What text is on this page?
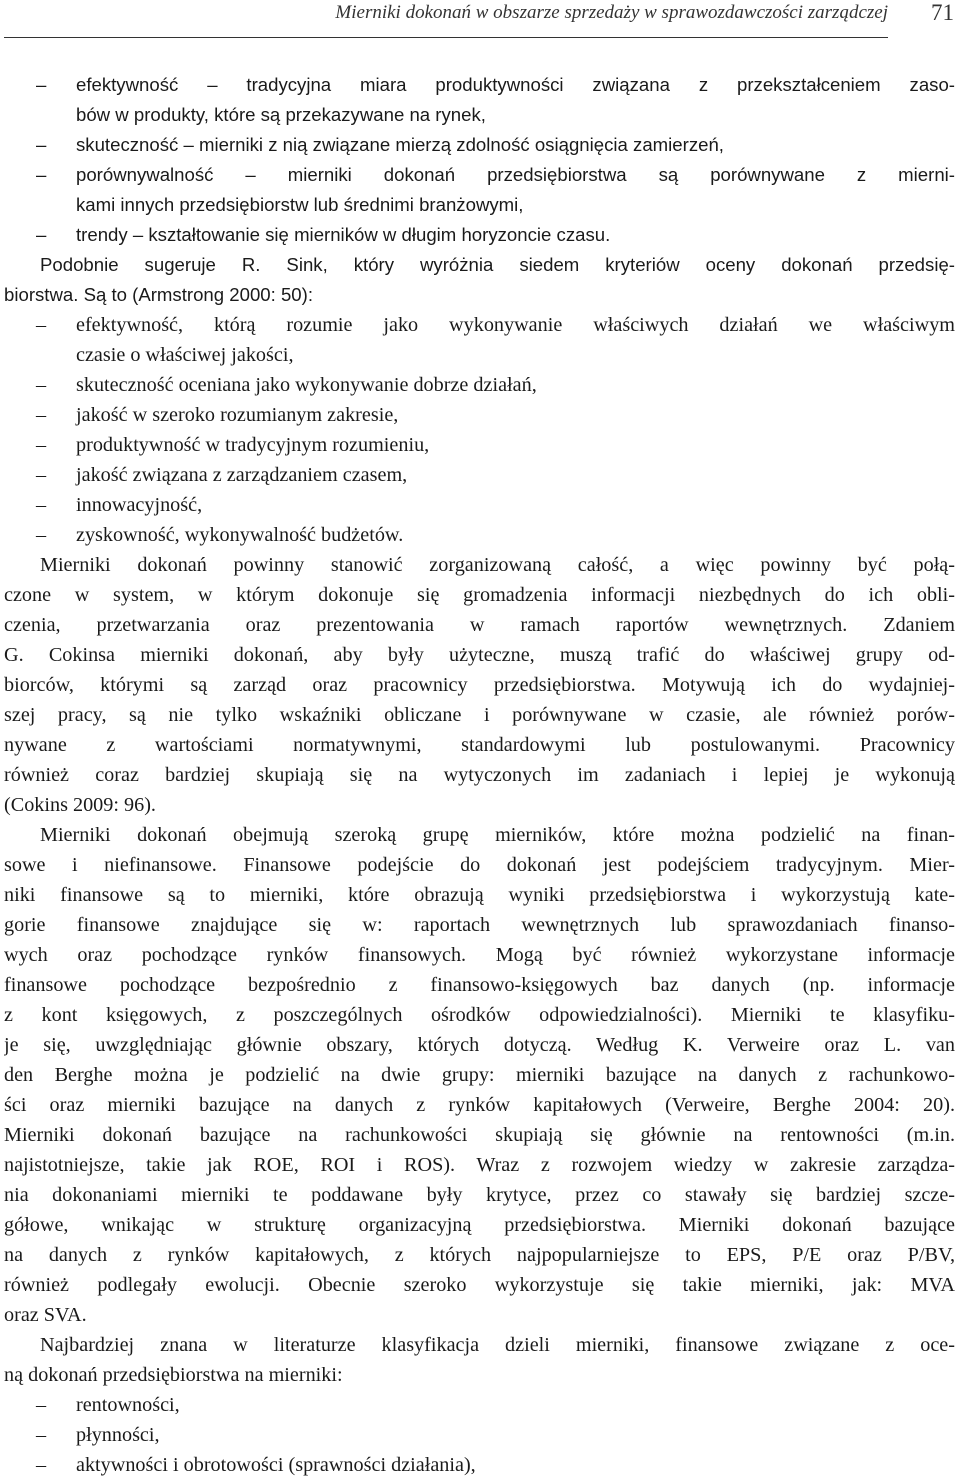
Mierniki dokonań w obszarze sprzedaży w sprawozdawczości zarządczej 71
–
efektywność – tradycyjna miara produktywności związana z przekształceniem zaso-
bów w produkty, które są przekazywane na rynek,
–
skuteczność – mierniki z nią związane mierzą zdolność osiągnięcia zamierzeń,
–
porównywalność – mierniki dokonań przedsiębiorstwa są porównywane z mierni-
kami innych przedsiębiorstw lub średnimi branżowymi,
–
trendy – kształtowanie się mierników w długim horyzoncie czasu.
Podobnie sugeruje R. Sink, który wyróżnia siedem kryteriów oceny dokonań przedsię-
biorstwa. Są to (Armstrong 2000: 50):
–
efektywność, którą rozumie jako wykonywanie właściwych działań we właściwym
czasie o właściwej jakości,
–
skuteczność oceniana jako wykonywanie dobrze działań,
–
jakość w szeroko rozumianym zakresie,
–
produktywność w tradycyjnym rozumieniu,
–
jakość związana z zarządzaniem czasem,
–
innowacyjność,
–
zyskowność, wykonywalność budżetów.
Mierniki dokonań powinny stanowić zorganizowaną całość, a więc powinny być połą-
czone w system, w którym dokonuje się gromadzenia informacji niezbędnych do ich obli-
czenia, przetwarzania oraz prezentowania w ramach raportów wewnętrznych. Zdaniem
G. Cokinsa mierniki dokonań, aby były użyteczne, muszą trafić do właściwej grupy od-
biorców, którymi są zarząd oraz pracownicy przedsiębiorstwa. Motywują ich do wydajniej-
szej pracy, są nie tylko wskaźniki obliczane i porównywane w czasie, ale również porów-
nywane z wartościami normatywnymi, standardowymi lub postulowanymi. Pracownicy
również coraz bardziej skupiają się na wytyczonych im zadaniach i lepiej je wykonują
(Cokins 2009: 96).
Mierniki dokonań obejmują szeroką grupę mierników, które można podzielić na finan-
sowe i niefinansowe. Finansowe podejście do dokonań jest podejściem tradycyjnym. Mier-
niki finansowe są to mierniki, które obrazują wyniki przedsiębiorstwa i wykorzystują kate-
gorie finansowe znajdujące się w: raportach wewnętrznych lub sprawozdaniach finanso-
wych oraz pochodzące rynków finansowych. Mogą być również wykorzystane informacje
finansowe pochodzące bezpośrednio z finansowo-księgowych baz danych (np. informacje
z kont księgowych, z poszczególnych ośrodków odpowiedzialności). Mierniki te klasyfiku-
je się, uwzględniając głównie obszary, których dotyczą. Według K. Verweire oraz L. van
den Berghe można je podzielić na dwie grupy: mierniki bazujące na danych z rachunkowo-
ści oraz mierniki bazujące na danych z rynków kapitałowych (Verweire, Berghe 2004: 20).
Mierniki dokonań bazujące na rachunkowości skupiają się głównie na rentowności (m.in.
najistotniejsze, takie jak ROE, ROI i ROS). Wraz z rozwojem wiedzy w zakresie zarządza-
nia dokonaniami mierniki te poddawane były krytyce, przez co stawały się bardziej szcze-
gółowe, wnikając w strukturę organizacyjną przedsiębiorstwa. Mierniki dokonań bazujące
na danych z rynków kapitałowych, z których najpopularniejsze to EPS, P/E oraz P/BV,
również podlegały ewolucji. Obecnie szeroko wykorzystuje się takie mierniki, jak: MVA
oraz SVA.
Najbardziej znana w literaturze klasyfikacja dzieli mierniki, finansowe związane z oce-
ną dokonań przedsiębiorstwa na mierniki:
–
rentowności,
–
płynności,
–
aktywności i obrotowości (sprawności działania),
